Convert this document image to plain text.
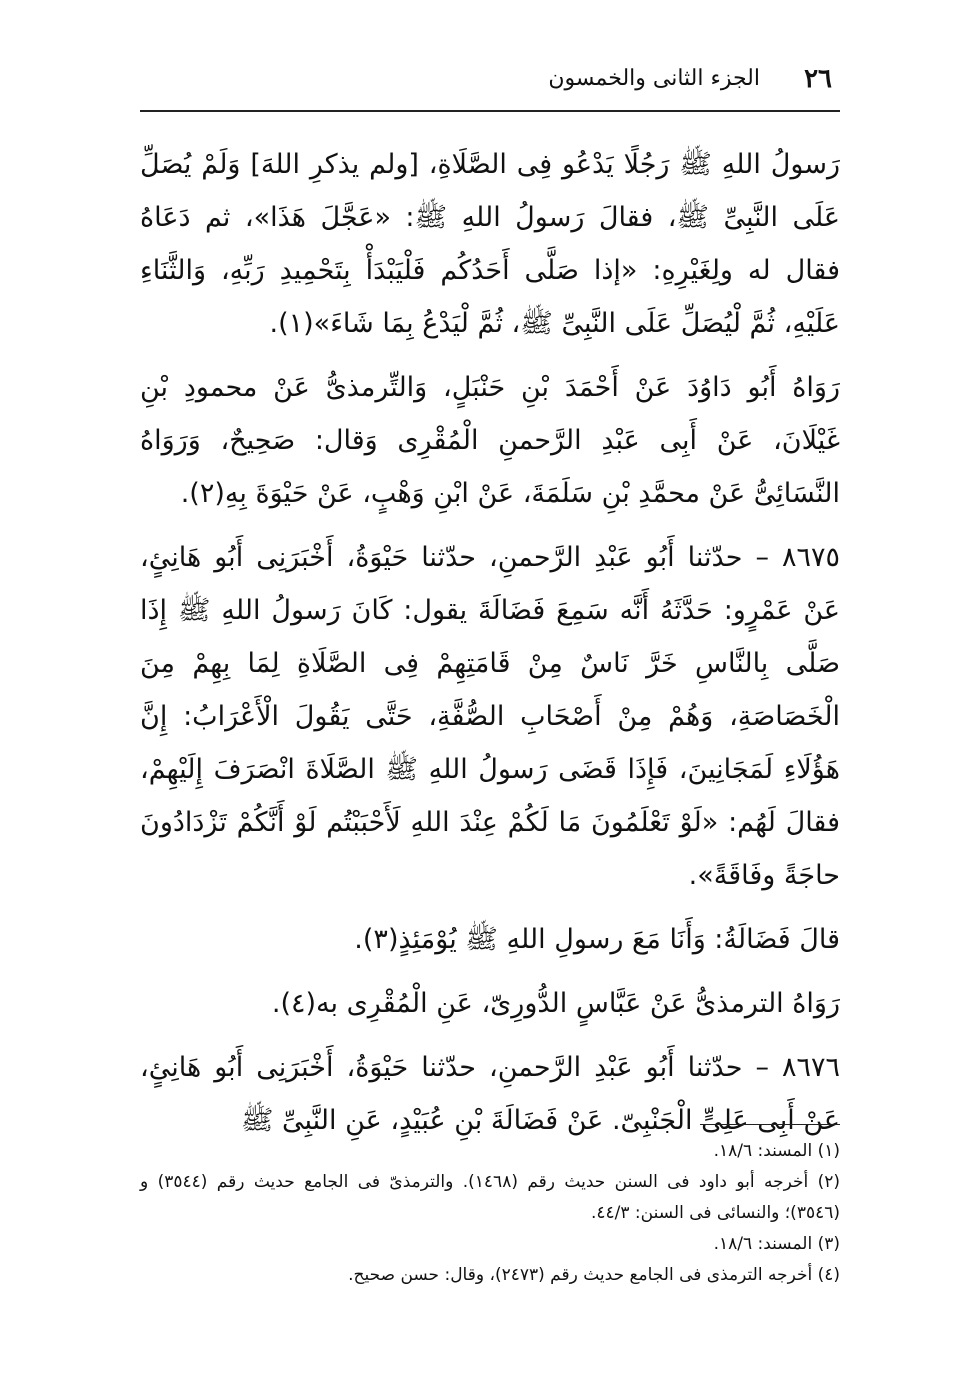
٢٦
الجزء الثانى والخمسون

رَسولُ اللهِ ﷺ رَجُلًا يَدْعُو فِى الصَّلَاةِ، [ولم يذكرِ اللهَ] وَلَمْ يُصَلِّ عَلَى النَّبِىِّ ﷺ، فقالَ رَسولُ اللهِ ﷺ: «عَجَّلَ هَذَا»، ثم دَعَاهُ فقال له ولِغَيْرِهِ: «إذا صَلَّى أَحَدُكُم فَلْيَبْدَأْ بِتَحْمِيدِ رَبِّهِ، وَالثَّنَاءِ عَلَيْهِ، ثُمَّ لْيُصَلِّ عَلَى النَّبِىِّ ﷺ، ثُمَّ لْيَدْعُ بِمَا شَاءَ»(١).

رَوَاهُ أَبُو دَاوُدَ عَنْ أَحْمَدَ بْنِ حَنْبَلٍ، وَالتِّرمذىُّ عَنْ محمودِ بْنِ غَيْلَانَ، عَنْ أَبِى عَبْدِ الرَّحمنِ الْمُقْرِى وَقال: صَحِيحٌ، وَرَوَاهُ النَّسَائِىُّ عَنْ محمَّدِ بْنِ سَلَمَةَ، عَنْ ابْنِ وَهْبٍ، عَنْ حَيْوَةَ بِهِ(٢).

٨٦٧٥ – حدّثنا أَبُو عَبْدِ الرَّحمنِ، حدّثنا حَيْوَةُ، أَخْبَرَنِى أَبُو هَانِئٍ، عَنْ عَمْرٍو: حَدَّثَهُ أَنَّه سَمِعَ فَضَالَةَ يقول: كَانَ رَسولُ اللهِ ﷺ إِذَا صَلَّى بِالنَّاسِ خَرَّ نَاسٌ مِنْ قَامَتِهِمْ فِى الصَّلَاةِ لِمَا بِهِمْ مِنَ الْخَصَاصَةِ، وَهُمْ مِنْ أَصْحَابِ الصُّفَّةِ، حَتَّى يَقُولَ الْأَعْرَابُ: إِنَّ هَؤُلَاءِ لَمَجَانِينَ، فَإِذَا قَضَى رَسولُ اللهِ ﷺ الصَّلَاةَ انْصَرَفَ إِلَيْهِمْ، فقالَ لَهُم: «لَوْ تَعْلَمُونَ مَا لَكُمْ عِنْدَ اللهِ لَأَحْبَبْتُم لَوْ أَنَّكُمْ تَزْدَادُونَ حاجَةً وفَاقَةً».

قالَ فَضَالَةُ: وَأَنَا مَعَ رسولِ اللهِ ﷺ يُوْمَئِذٍ(٣).

رَوَاهُ الترمذىُّ عَنْ عَبَّاسٍ الدُّورِىّ، عَنِ الْمُقْرِى به(٤).

٨٦٧٦ – حدّثنا أَبُو عَبْدِ الرَّحمنِ، حدّثنا حَيْوَةُ، أَخْبَرَنِى أَبُو هَانِئٍ، عَنْ أَبِى عَلِىٍّ الْجَنْبِىّ. عَنْ فَضَالَةَ بْنِ عُبَيْدٍ، عَنِ النَّبِىِّ ﷺ

(١) المسند: ١٨/٦.

(٢) أخرجه أبو داود فى السنن حديث رقم (١٤٦٨). والترمذىّ فى الجامع حديث رقم (٣٥٤٤) و (٣٥٤٦)؛ والنسائى فى السنن: ٤٤/٣.

(٣) المسند: ١٨/٦.

(٤) أخرجه الترمذى فى الجامع حديث رقم (٢٤٧٣)، وقال: حسن صحيح.
